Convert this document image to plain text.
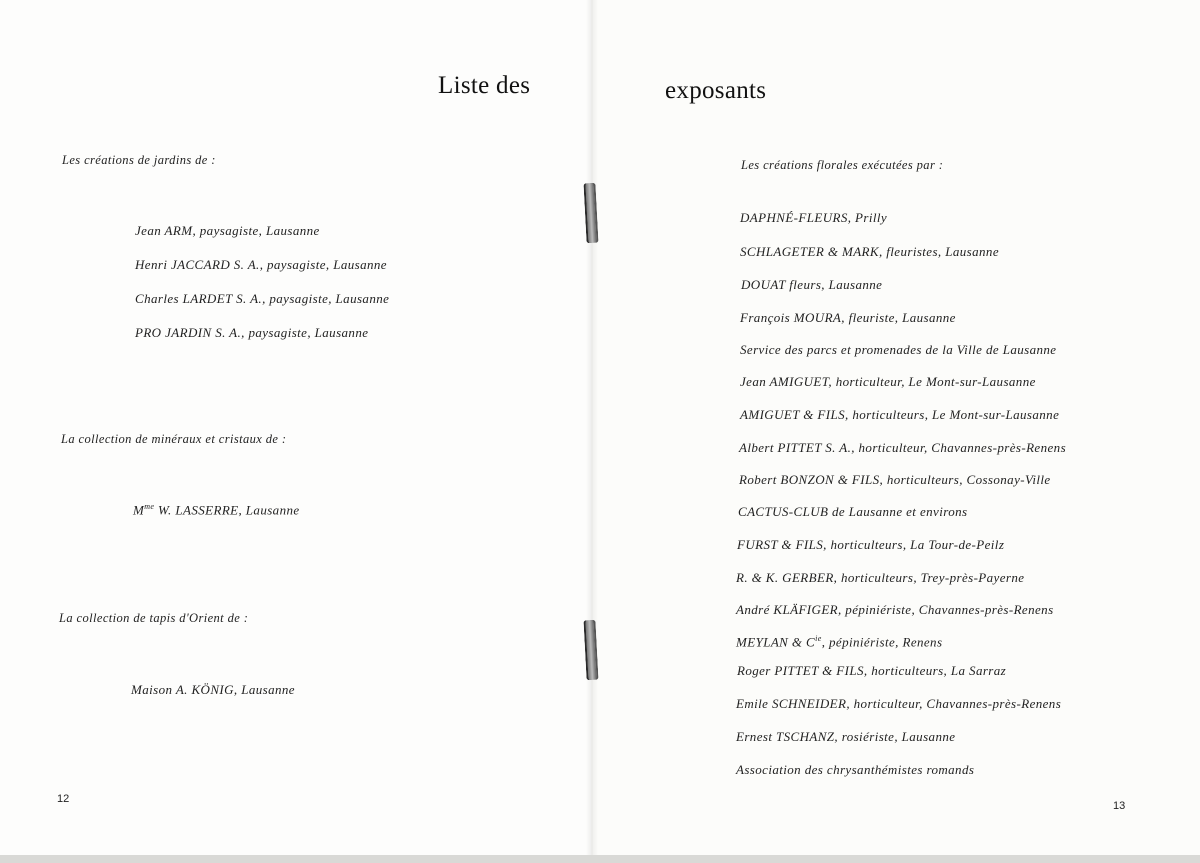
Liste des	exposants
Les créations de jardins de :
Jean ARM, paysagiste, Lausanne
Henri JACCARD S. A., paysagiste, Lausanne
Charles LARDET S. A., paysagiste, Lausanne
PRO JARDIN S. A., paysagiste, Lausanne
La collection de minéraux et cristaux de :
$M^{me}$ W. LASSERRE, Lausanne
La collection de tapis d'Orient de :
Maison A. KÖNIG, Lausanne
12
Les créations florales exécutées par :
DAPHNÉ-FLEURS, Prilly
SCHLAGETER & MARK, fleuristes, Lausanne
DOUAT fleurs, Lausanne
François MOURA, fleuriste, Lausanne
Service des parcs et promenades de la Ville de Lausanne
Jean AMIGUET, horticulteur, Le Mont-sur-Lausanne
AMIGUET & FILS, horticulteurs, Le Mont-sur-Lausanne
Albert PITTET S. A., horticulteur, Chavannes-près-Renens
Robert BONZON & FILS, horticulteurs, Cossonay-Ville
CACTUS-CLUB de Lausanne et environs
FURST & FILS, horticulteurs, La Tour-de-Peilz
R. & K. GERBER, horticulteurs, Trey-près-Payerne
André KLÄFIGER, pépiniériste, Chavannes-près-Renens
MEYLAN & $C^{ie}$, pépiniériste, Renens
Roger PITTET & FILS, horticulteurs, La Sarraz
Emile SCHNEIDER, horticulteur, Chavannes-près-Renens
Ernest TSCHANZ, rosiériste, Lausanne
Association des chrysanthémistes romands
13
